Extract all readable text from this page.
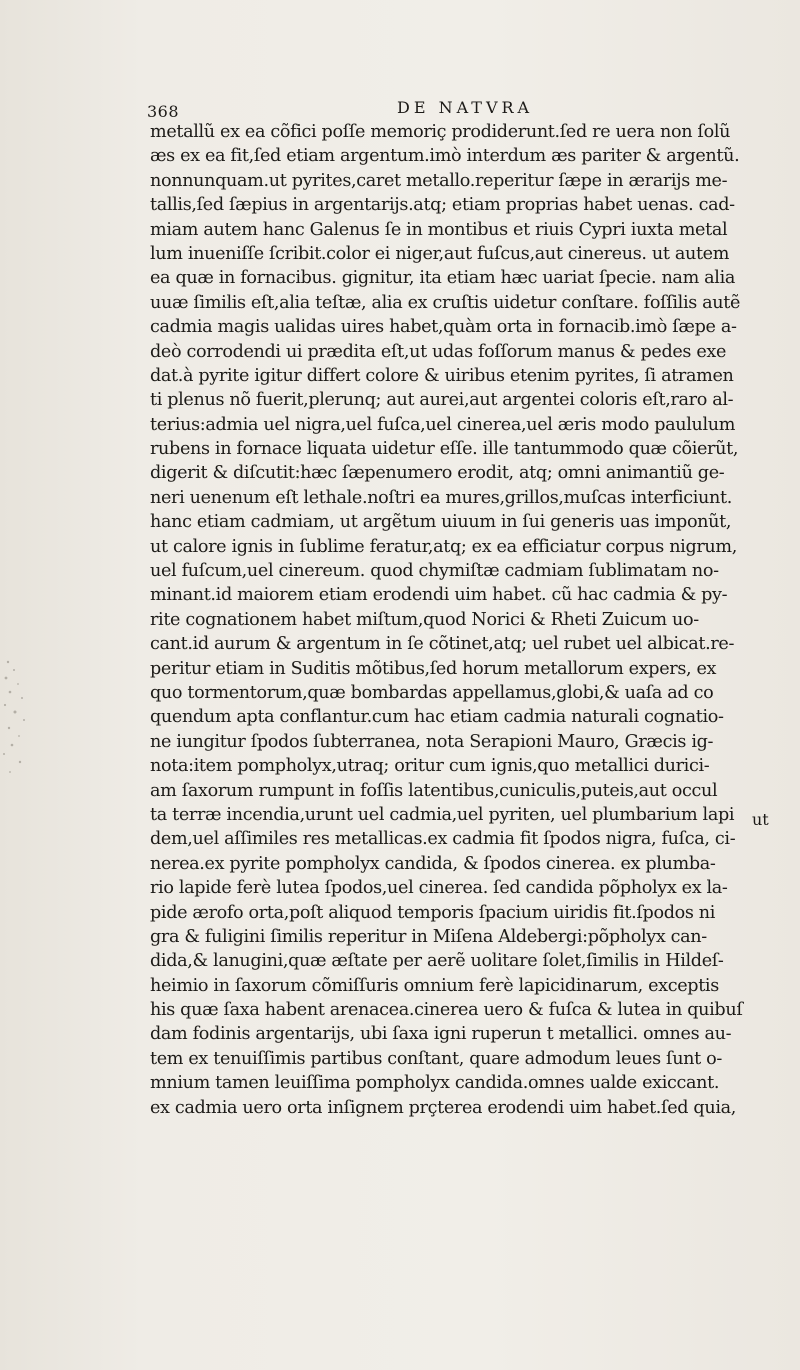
368	DE NATVRA
metallũ ex ea cõfici poſſe memoriç prodiderunt.ſed re uera non ſolũ
æs ex ea fit,ſed etiam argentum.imò interdum æs pariter & argentũ.
nonnunquam.ut pyrites,caret metallo.reperitur ſæpe in ærarijs me-
tallis,ſed ſæpius in argentarijs.atq; etiam proprias habet uenas. cad-
miam autem hanc Galenus ſe in montibus et riuis Cypri iuxta metal
lum inueniſſe ſcribit.color ei niger,aut fuſcus,aut cinereus. ut autem
ea quæ in fornacibus. gignitur, ita etiam hæc uariat ſpecie. nam alia
uuæ ſimilis eſt,alia teſtæ, alia ex cruſtis uidetur conſtare. foſſilis autẽ
cadmia magis ualidas uires habet,quàm orta in fornacib.imò ſæpe a-
deò corrodendi ui prædita eſt,ut udas foſſorum manus & pedes exe
dat.à pyrite igitur differt colore & uiribus etenim pyrites, ſi atramen
ti plenus nõ fuerit,plerunq; aut aurei,aut argentei coloris eſt,raro al-
terius:admia uel nigra,uel fuſca,uel cinerea,uel æris modo paululum
rubens in fornace liquata uidetur eſſe. ille tantummodo quæ cõierũt,
digerit & diſcutit:hæc ſæpenumero erodit, atq; omni animantiũ ge-
neri uenenum eſt lethale.noſtri ea mures,grillos,muſcas interficiunt.
hanc etiam cadmiam, ut argẽtum uiuum in ſui generis uas imponũt,
ut calore ignis in ſublime feratur,atq; ex ea efficiatur corpus nigrum,
uel fuſcum,uel cinereum. quod chymiſtæ cadmiam ſublimatam no-
minant.id maiorem etiam erodendi uim habet. cũ hac cadmia & py-
rite cognationem habet miſtum,quod Norici & Rheti Zuicum uo-
cant.id aurum & argentum in ſe cõtinet,atq; uel rubet uel albicat.re-
peritur etiam in Suditis mõtibus,ſed horum metallorum expers, ex
quo tormentorum,quæ bombardas appellamus,globi,& uaſa ad co
quendum apta conflantur.cum hac etiam cadmia naturali cognatio-
ne iungitur ſpodos ſubterranea, nota Serapioni Mauro, Græcis ig-
nota:item pompholyx,utraq; oritur cum ignis,quo metallici durici-
am ſaxorum rumpunt in foſſis latentibus,cuniculis,puteis,aut occul
ta terræ incendia,urunt uel cadmia,uel pyriten, uel plumbarium lapi
dem,uel aſſimiles res metallicas.ex cadmia fit ſpodos nigra, fuſca, ci-
nerea.ex pyrite pompholyx candida, & ſpodos cinerea. ex plumba-
rio lapide ferè lutea ſpodos,uel cinerea. ſed candida põpholyx ex la-
pide ærofo orta,poſt aliquod temporis ſpacium uiridis fit.ſpodos ni
gra & fuligini ſimilis reperitur in Miſena Aldebergi:põpholyx can-
dida,& lanugini,quæ æſtate per aerẽ uolitare ſolet,ſimilis in Hildeſ-
heimio in ſaxorum cõmiſſuris omnium ferè lapicidinarum, exceptis
his quæ ſaxa habent arenacea.cinerea uero & fuſca & lutea in quibuſ
dam fodinis argentarijs, ubi ſaxa igni ruperun t metallici. omnes au-
tem ex tenuiſſimis partibus conſtant, quare admodum leues ſunt o-
mnium tamen leuiſſima pompholyx candida.omnes ualde exiccant.
ex cadmia uero orta inſignem prçterea erodendi uim habet.ſed quia,
ut
